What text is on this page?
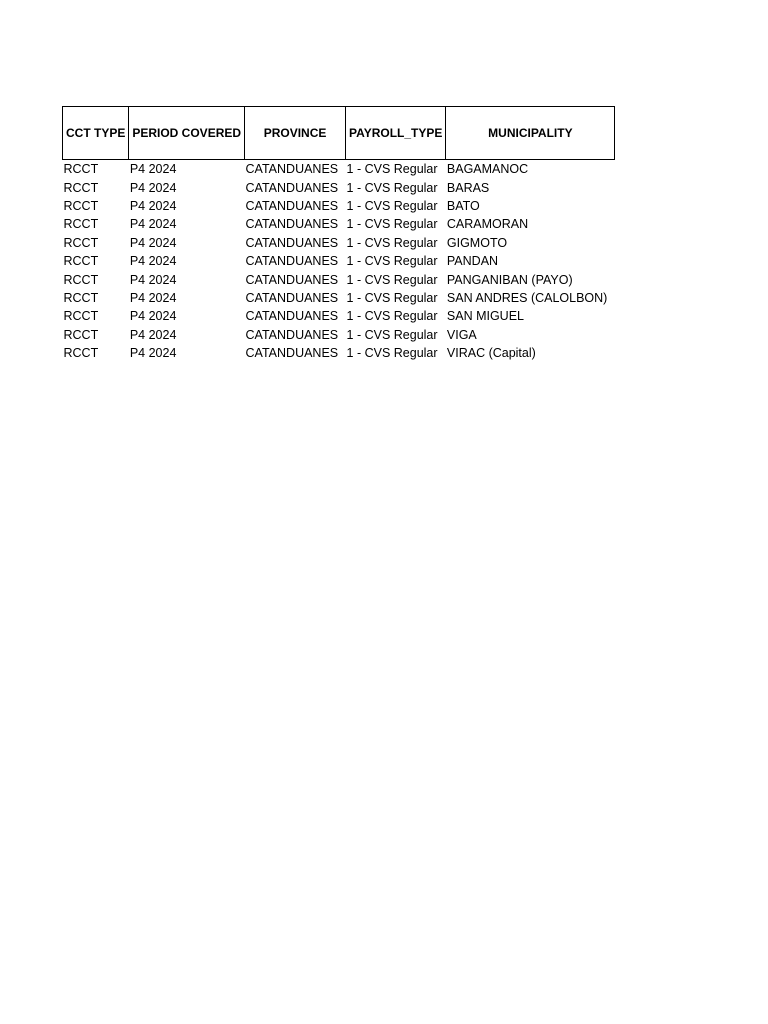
CCT TYPE	PERIOD COVERED	PROVINCE	PAYROLL_TYPE	MUNICIPALITY
RCCT	P4 2024	CATANDUANES	1 - CVS Regular	BAGAMANOC
RCCT	P4 2024	CATANDUANES	1 - CVS Regular	BARAS
RCCT	P4 2024	CATANDUANES	1 - CVS Regular	BATO
RCCT	P4 2024	CATANDUANES	1 - CVS Regular	CARAMORAN
RCCT	P4 2024	CATANDUANES	1 - CVS Regular	GIGMOTO
RCCT	P4 2024	CATANDUANES	1 - CVS Regular	PANDAN
RCCT	P4 2024	CATANDUANES	1 - CVS Regular	PANGANIBAN (PAYO)
RCCT	P4 2024	CATANDUANES	1 - CVS Regular	SAN ANDRES (CALOLBON)
RCCT	P4 2024	CATANDUANES	1 - CVS Regular	SAN MIGUEL
RCCT	P4 2024	CATANDUANES	1 - CVS Regular	VIGA
RCCT	P4 2024	CATANDUANES	1 - CVS Regular	VIRAC (Capital)
